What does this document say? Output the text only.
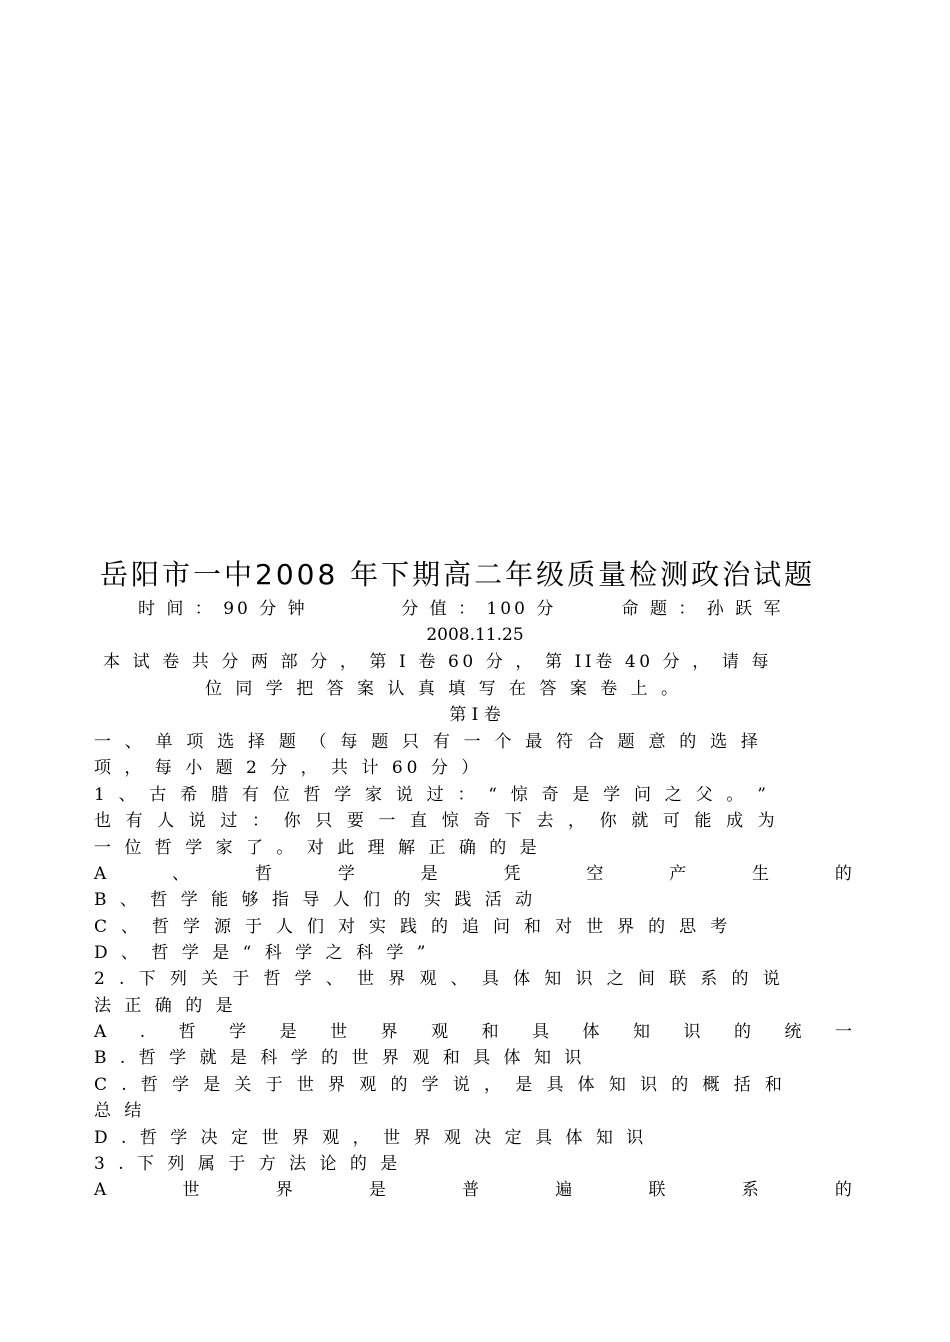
岳阳市一中2008 年下期高二年级质量检测政治试题
时 间 ： 90 分 钟 　 　 　 分 值 ： 100 分 　 　 命 题 ： 孙 跃 军
2008.11.25
本 试 卷 共 分 两 部 分 ， 第 I 卷 60 分 ， 第 II卷 40 分 ， 请 每
位 同 学 把 答 案 认 真 填 写 在 答 案 卷 上 。
第 I 卷
一 、 单 项 选 择 题 （ 每 题 只 有 一 个 最 符 合 题 意 的 选 择
项 ， 每 小 题 2 分 ， 共 计 60 分 ）
1 、 古 希 腊 有 位 哲 学 家 说 过 ： “ 惊 奇 是 学 问 之 父 。 ”
也 有 人 说 过 ： 你 只 要 一 直 惊 奇 下 去 ， 你 就 可 能 成 为
一 位 哲 学 家 了 。 对 此 理 解 正 确 的 是
A	、	哲	学	是	凭	空	产	生	的
B 、 哲 学 能 够 指 导 人 们 的 实 践 活 动
C 、 哲 学 源 于 人 们 对 实 践 的 追 问 和 对 世 界 的 思 考
D 、 哲 学 是 “ 科 学 之 科 学 ”
2 . 下 列 关 于 哲 学 、 世 界 观 、 具 体 知 识 之 间 联 系 的 说
法 正 确 的 是
A . 哲 学 是 世 界 观 和 具 体 知 识 的 统 一
B . 哲 学 就 是 科 学 的 世 界 观 和 具 体 知 识
C . 哲 学 是 关 于 世 界 观 的 学 说 ， 是 具 体 知 识 的 概 括 和
总 结
D . 哲 学 决 定 世 界 观 ， 世 界 观 决 定 具 体 知 识
3 . 下 列 属 于 方 法 论 的 是
A	世	界	是	普	遍	联	系	的
